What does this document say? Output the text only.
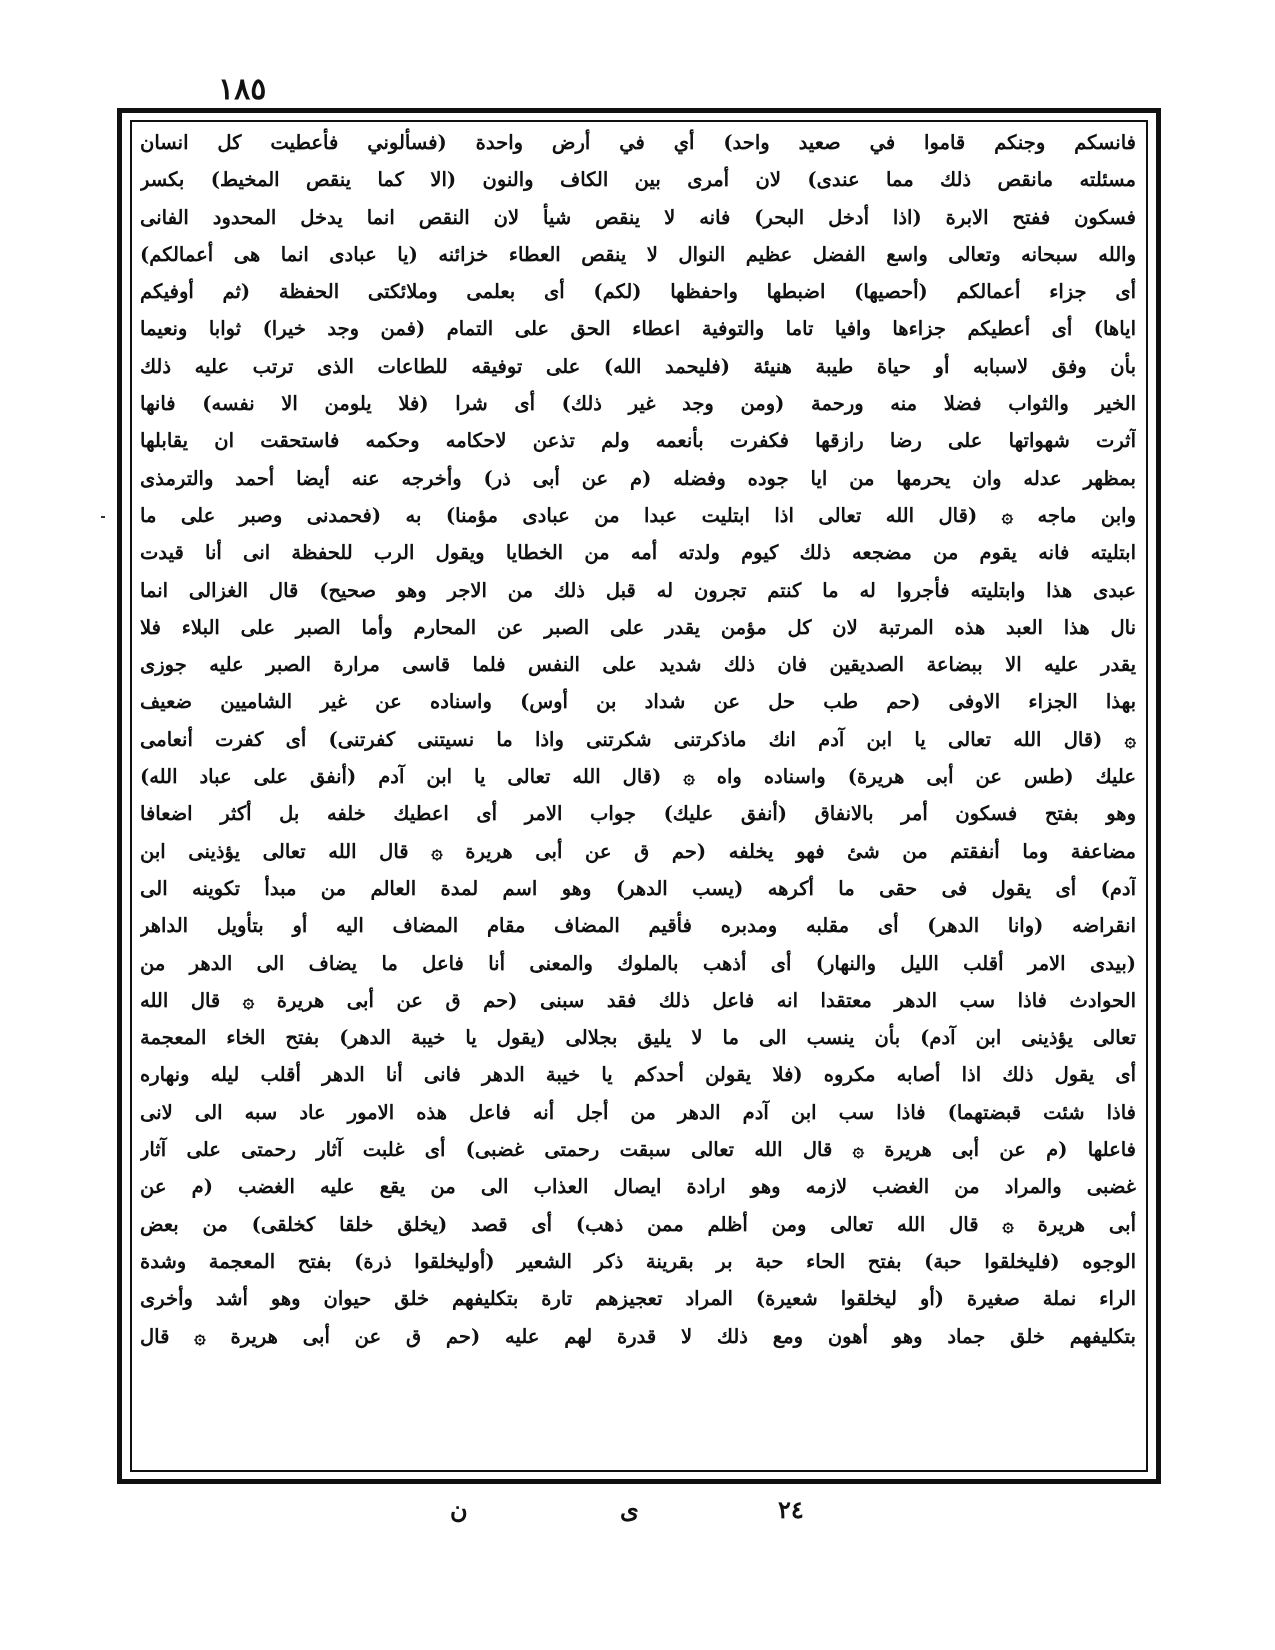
١٨٥
فانسكم وجنكم قاموا في صعيد واحد) أي في أرض واحدة (فسألوني فأعطيت كل انسان
مسئلته مانقص ذلك مما عندى) لان أمرى بين الكاف والنون (الا كما ينقص المخيط) بكسر
فسكون ففتح الابرة (اذا أدخل البحر) فانه لا ينقص شيأ لان النقص انما يدخل المحدود الفانى
والله سبحانه وتعالى واسع الفضل عظيم النوال لا ينقص العطاء خزائنه (يا عبادى انما هى أعمالكم)
أى جزاء أعمالكم (أحصيها) اضبطها واحفظها (لكم) أى بعلمى وملائكتى الحفظة (ثم أوفيكم
اياها) أى أعطيكم جزاءها وافيا تاما والتوفية اعطاء الحق على التمام (فمن وجد خيرا) ثوابا ونعيما
بأن وفق لاسبابه أو حياة طيبة هنيئة (فليحمد الله) على توفيقه للطاعات الذى ترتب عليه ذلك
الخير والثواب فضلا منه ورحمة (ومن وجد غير ذلك) أى شرا (فلا يلومن الا نفسه) فانها
آثرت شهواتها على رضا رازقها فكفرت بأنعمه ولم تذعن لاحكامه وحكمه فاستحقت ان يقابلها
بمظهر عدله وان يحرمها من ايا جوده وفضله (م عن أبى ذر) وأخرجه عنه أيضا أحمد والترمذى
وابن ماجه ۞ (قال الله تعالى اذا ابتليت عبدا من عبادى مؤمنا) به (فحمدنى وصبر على ما
ابتليته فانه يقوم من مضجعه ذلك كيوم ولدته أمه من الخطايا ويقول الرب للحفظة انى أنا قيدت
عبدى هذا وابتليته فأجروا له ما كنتم تجرون له قبل ذلك من الاجر وهو صحيح) قال الغزالى انما
نال هذا العبد هذه المرتبة لان كل مؤمن يقدر على الصبر عن المحارم وأما الصبر على البلاء فلا
يقدر عليه الا ببضاعة الصديقين فان ذلك شديد على النفس فلما قاسى مرارة الصبر عليه جوزى
بهذا الجزاء الاوفى (حم طب حل عن شداد بن أوس) واسناده عن غير الشاميين ضعيف
۞ (قال الله تعالى يا ابن آدم انك ماذكرتنى شكرتنى واذا ما نسيتنى كفرتنى) أى كفرت أنعامى
عليك (طس عن أبى هريرة) واسناده واه ۞ (قال الله تعالى يا ابن آدم (أنفق على عباد الله)
وهو بفتح فسكون أمر بالانفاق (أنفق عليك) جواب الامر أى اعطيك خلفه بل أكثر اضعافا
مضاعفة وما أنفقتم من شئ فهو يخلفه (حم ق عن أبى هريرة ۞ قال الله تعالى يؤذينى ابن
آدم) أى يقول فى حقى ما أكرهه (يسب الدهر) وهو اسم لمدة العالم من مبدأ تكوينه الى
انقراضه (وانا الدهر) أى مقلبه ومدبره فأقيم المضاف مقام المضاف اليه أو بتأويل الداهر
(بيدى الامر أقلب الليل والنهار) أى أذهب بالملوك والمعنى أنا فاعل ما يضاف الى الدهر من
الحوادث فاذا سب الدهر معتقدا انه فاعل ذلك فقد سبنى (حم ق عن أبى هريرة ۞ قال الله
تعالى يؤذينى ابن آدم) بأن ينسب الى ما لا يليق بجلالى (يقول يا خيبة الدهر) بفتح الخاء المعجمة
أى يقول ذلك اذا أصابه مكروه (فلا يقولن أحدكم يا خيبة الدهر فانى أنا الدهر أقلب ليله ونهاره
فاذا شئت قبضتهما) فاذا سب ابن آدم الدهر من أجل أنه فاعل هذه الامور عاد سبه الى لانى
فاعلها (م عن أبى هريرة ۞ قال الله تعالى سبقت رحمتى غضبى) أى غلبت آثار رحمتى على آثار
غضبى والمراد من الغضب لازمه وهو ارادة ايصال العذاب الى من يقع عليه الغضب (م عن
أبى هريرة ۞ قال الله تعالى ومن أظلم ممن ذهب) أى قصد (يخلق خلقا كخلقى) من بعض
الوجوه (فليخلقوا حبة) بفتح الحاء حبة بر بقرينة ذكر الشعير (أوليخلقوا ذرة) بفتح المعجمة وشدة
الراء نملة صغيرة (أو ليخلقوا شعيرة) المراد تعجيزهم تارة بتكليفهم خلق حيوان وهو أشد وأخرى
بتكليفهم خلق جماد وهو أهون ومع ذلك لا قدرة لهم عليه (حم ق عن أبى هريرة ۞ قال
ن	ى	٢٤
